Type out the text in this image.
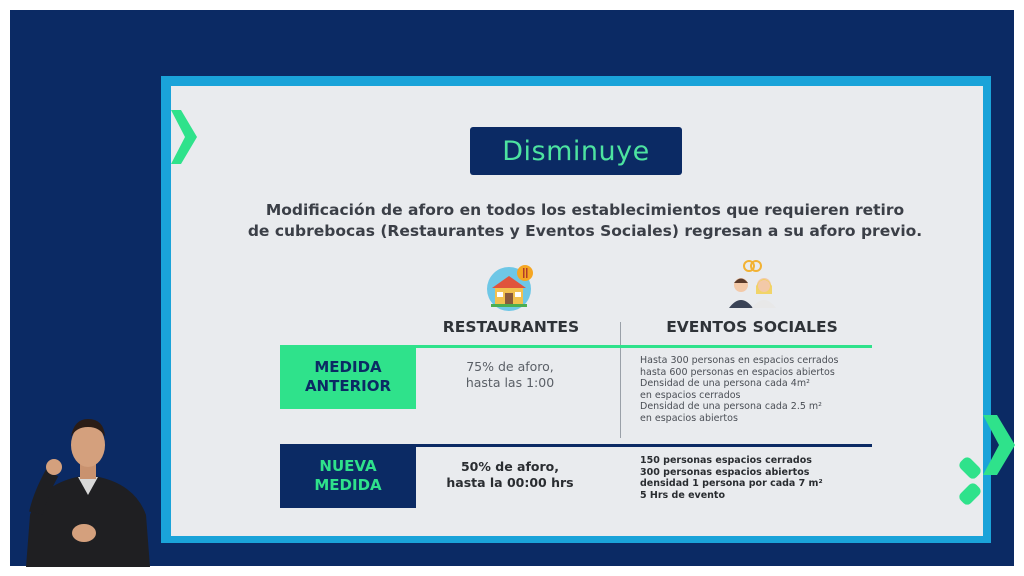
Disminuye
Modificación de aforo en todos los establecimientos que requieren retiro
de cubrebocas (Restaurantes y Eventos Sociales) regresan a su aforo previo.
RESTAURANTES	EVENTOS SOCIALES
MEDIDA
ANTERIOR
75% de aforo,
hasta las 1:00
Hasta 300 personas en espacios cerrados
hasta 600 personas en espacios abiertos
Densidad de una persona cada 4m²
en espacios cerrados
Densidad de una persona cada 2.5 m²
en espacios abiertos
NUEVA
MEDIDA
50% de aforo,
hasta la 00:00 hrs
150 personas espacios cerrados
300 personas espacios abiertos
densidad 1 persona por cada 7 m²
5 Hrs de evento
